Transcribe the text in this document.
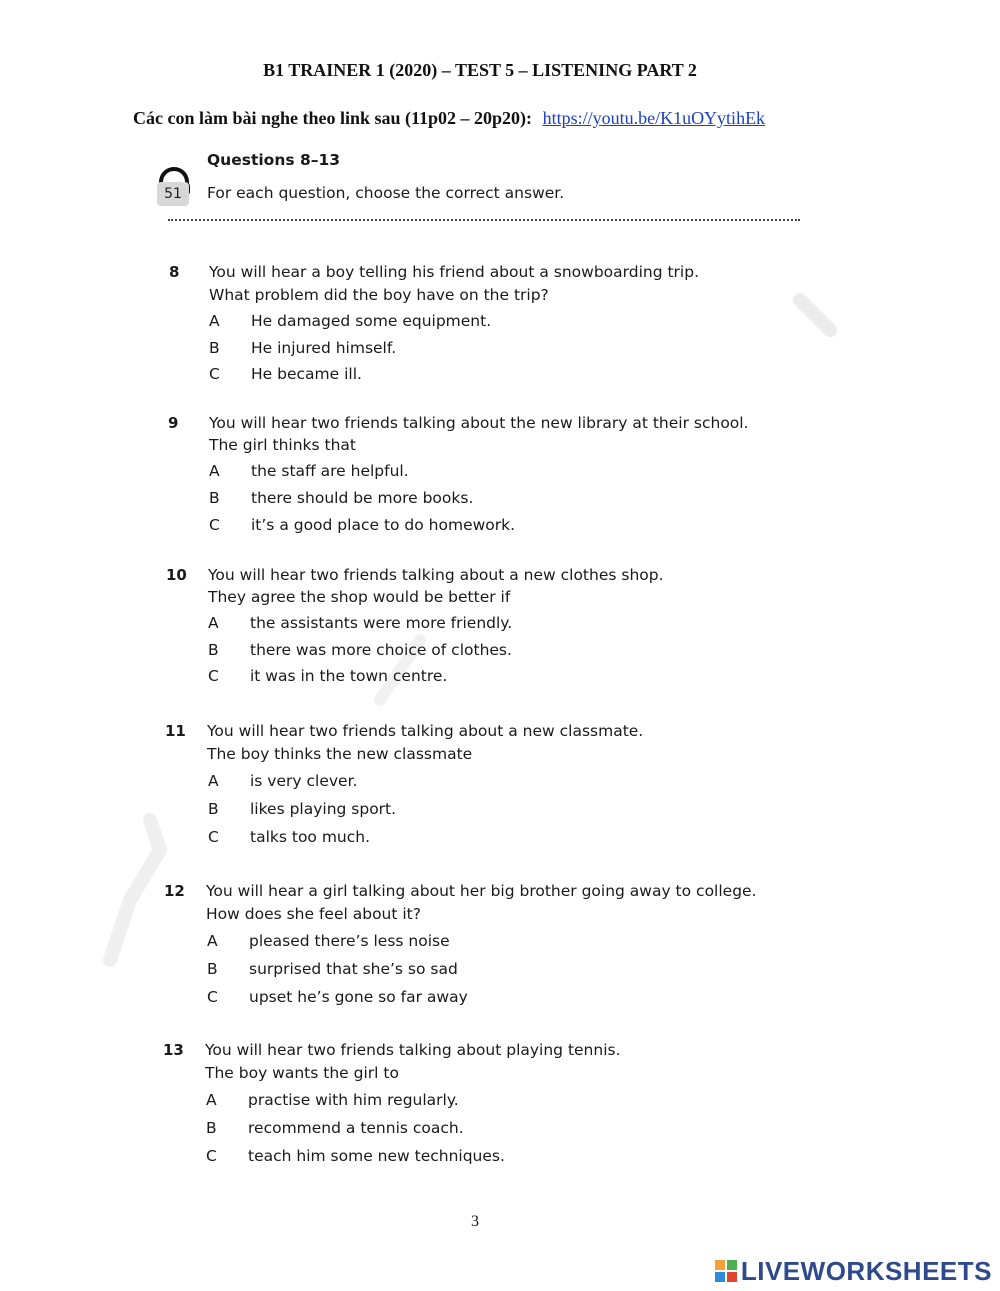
B1 TRAINER 1 (2020) – TEST 5 – LISTENING PART 2
Các con làm bài nghe theo link sau (11p02 – 20p20): https://youtu.be/K1uOYytihEk
51
Questions 8–13
For each question, choose the correct answer.
8	You will hear a boy telling his friend about a snowboarding trip.
What problem did the boy have on the trip?
A He damaged some equipment.
B He injured himself.
C He became ill.
9	You will hear two friends talking about the new library at their school.
The girl thinks that
A the staff are helpful.
B there should be more books.
C it’s a good place to do homework.
10	You will hear two friends talking about a new clothes shop.
They agree the shop would be better if
A the assistants were more friendly.
B there was more choice of clothes.
C it was in the town centre.
11	You will hear two friends talking about a new classmate.
The boy thinks the new classmate
A is very clever.
B likes playing sport.
C talks too much.
12	You will hear a girl talking about her big brother going away to college.
How does she feel about it?
A pleased there’s less noise
B surprised that she’s so sad
C upset he’s gone so far away
13	You will hear two friends talking about playing tennis.
The boy wants the girl to
A practise with him regularly.
B recommend a tennis coach.
C teach him some new techniques.
3
LIVEWORKSHEETS
